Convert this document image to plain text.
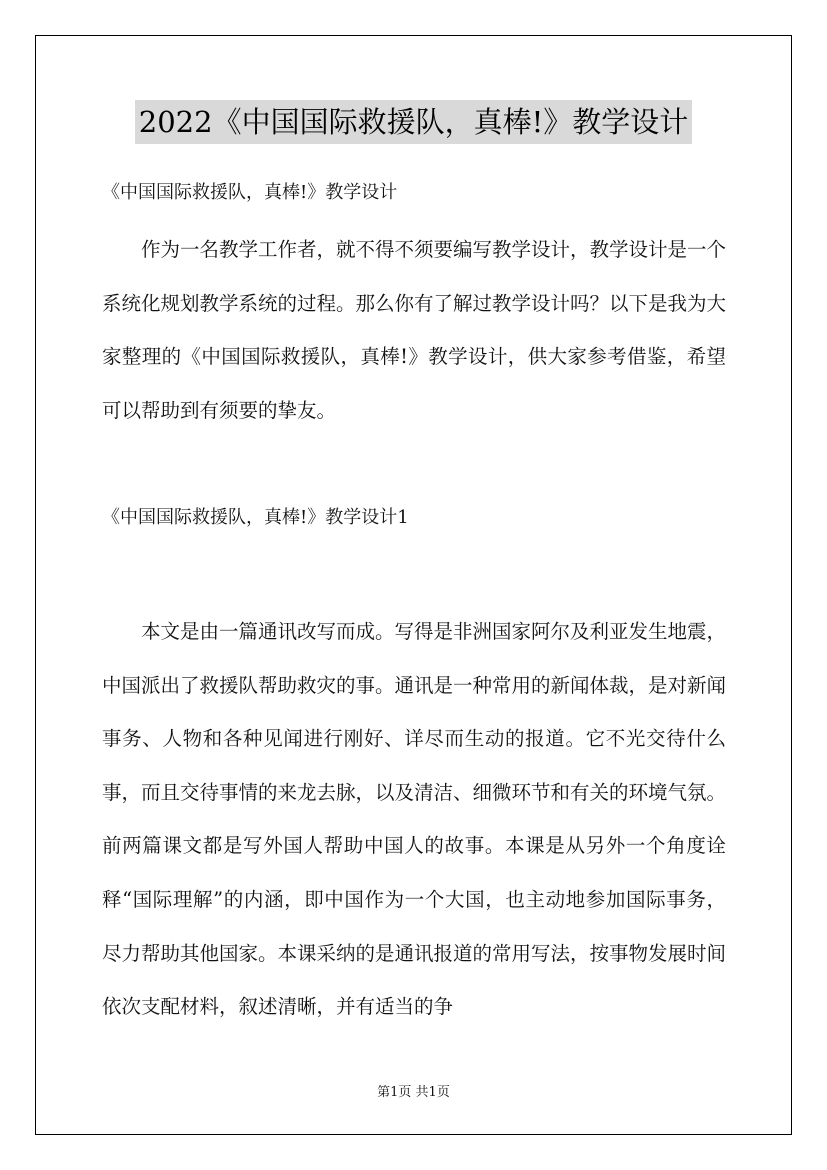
2022《中国国际救援队，真棒!》教学设计
《中国国际救援队，真棒!》教学设计

作为一名教学工作者，就不得不须要编写教学设计，教学设计是一个系统化规划教学系统的过程。那么你有了解过教学设计吗？以下是我为大家整理的《中国国际救援队，真棒!》教学设计，供大家参考借鉴，希望可以帮助到有须要的挚友。

《中国国际救援队，真棒!》教学设计1

本文是由一篇通讯改写而成。写得是非洲国家阿尔及利亚发生地震，中国派出了救援队帮助救灾的事。通讯是一种常用的新闻体裁，是对新闻事务、人物和各种见闻进行刚好、详尽而生动的报道。它不光交待什么事，而且交待事情的来龙去脉，以及清洁、细微环节和有关的环境气氛。前两篇课文都是写外国人帮助中国人的故事。本课是从另外一个角度诠释“国际理解”的内涵，即中国作为一个大国，也主动地参加国际事务，尽力帮助其他国家。本课采纳的是通讯报道的常用写法，按事物发展时间依次支配材料，叙述清晰，并有适当的争

第1页 共1页
